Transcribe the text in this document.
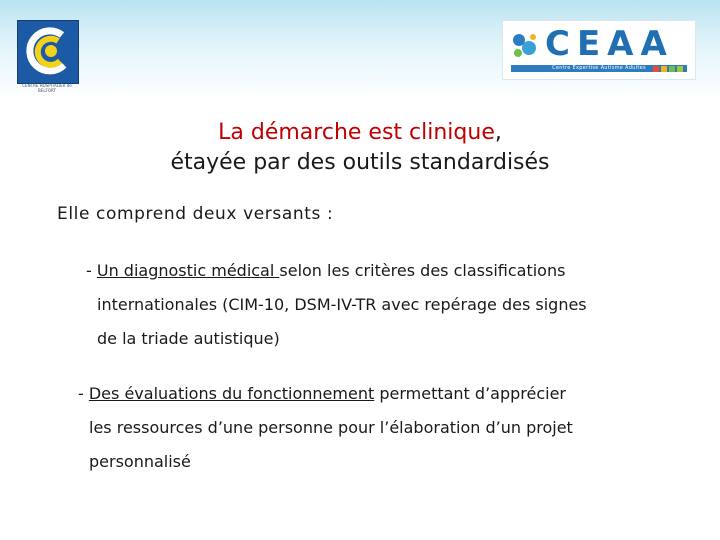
CENTRE HOSPITALIER de BELFORT
CEAA
Centre Expertise Autisme Adultes
La démarche est clinique,
étayée par des outils standardisés
Elle comprend deux versants :
- Un diagnostic médical selon les critères des classifications
internationales (CIM-10, DSM-IV-TR avec repérage des signes
de la triade autistique)
- Des évaluations du fonctionnement permettant d’apprécier
les ressources d’une personne pour l’élaboration d’un projet
personnalisé
